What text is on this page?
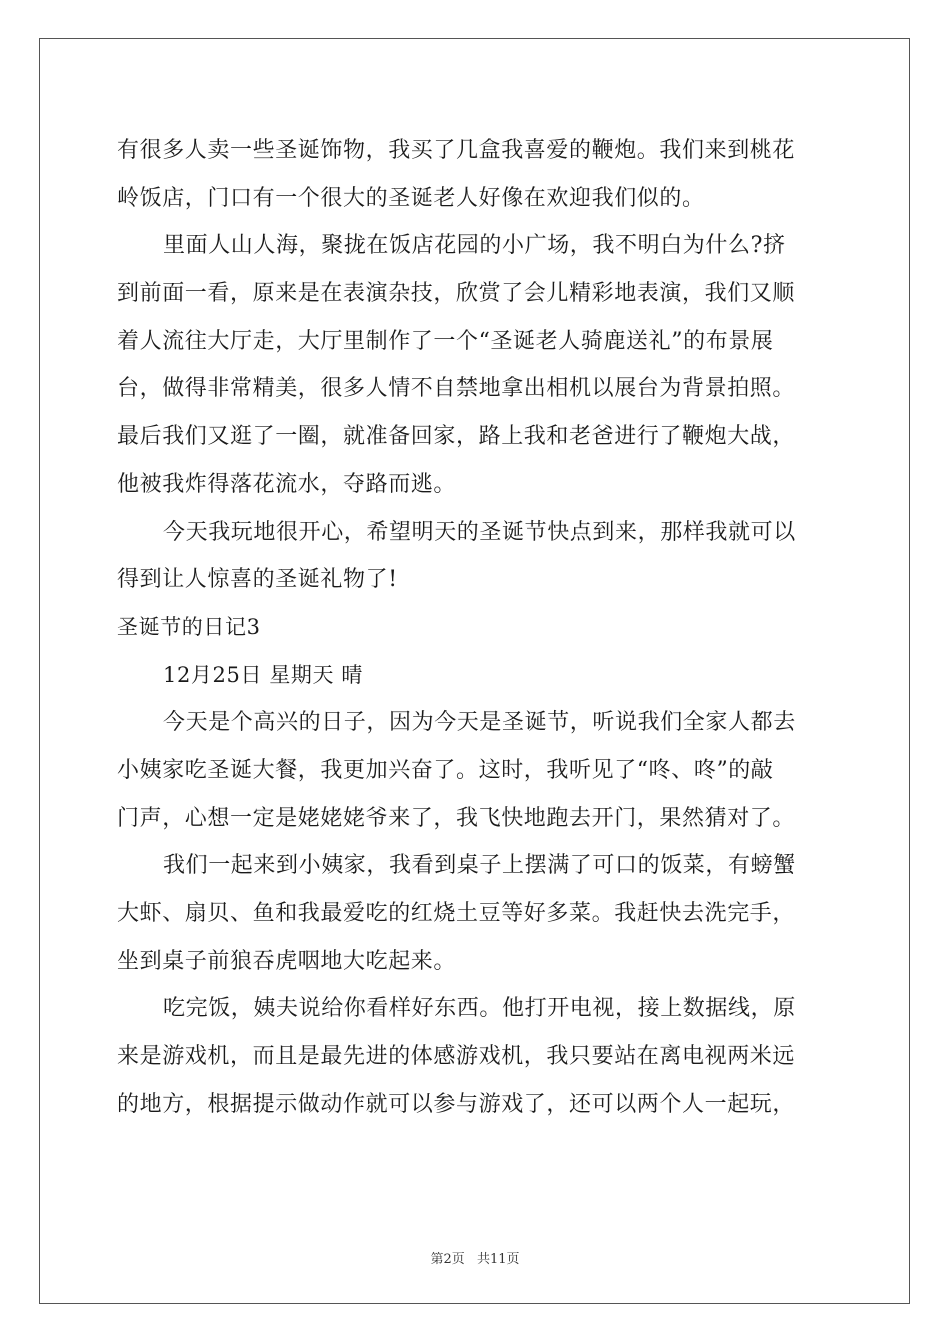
有很多人卖一些圣诞饰物，我买了几盒我喜爱的鞭炮。我们来到桃花
岭饭店，门口有一个很大的圣诞老人好像在欢迎我们似的。
里面人山人海，聚拢在饭店花园的小广场，我不明白为什么?挤
到前面一看，原来是在表演杂技，欣赏了会儿精彩地表演，我们又顺
着人流往大厅走，大厅里制作了一个“圣诞老人骑鹿送礼”的布景展
台，做得非常精美，很多人情不自禁地拿出相机以展台为背景拍照。
最后我们又逛了一圈，就准备回家，路上我和老爸进行了鞭炮大战，
他被我炸得落花流水，夺路而逃。
今天我玩地很开心，希望明天的圣诞节快点到来，那样我就可以
得到让人惊喜的圣诞礼物了!
圣诞节的日记3
12月25日 星期天 晴
今天是个高兴的日子，因为今天是圣诞节，听说我们全家人都去
小姨家吃圣诞大餐，我更加兴奋了。这时，我听见了“咚、咚”的敲
门声，心想一定是姥姥姥爷来了，我飞快地跑去开门，果然猜对了。
我们一起来到小姨家，我看到桌子上摆满了可口的饭菜，有螃蟹
大虾、扇贝、鱼和我最爱吃的红烧土豆等好多菜。我赶快去洗完手，
坐到桌子前狼吞虎咽地大吃起来。
吃完饭，姨夫说给你看样好东西。他打开电视，接上数据线，原
来是游戏机，而且是最先进的体感游戏机，我只要站在离电视两米远
的地方，根据提示做动作就可以参与游戏了，还可以两个人一起玩，
第2页 共11页
